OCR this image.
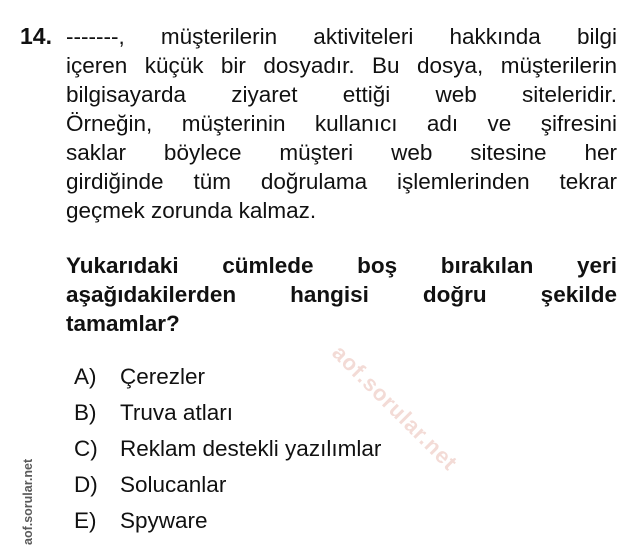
14. -------, müşterilerin aktiviteleri hakkında bilgi
içeren küçük bir dosyadır. Bu dosya, müşterilerin
bilgisayarda ziyaret ettiği web siteleridir.
Örneğin, müşterinin kullanıcı adı ve şifresini
saklar böylece müşteri web sitesine her
girdiğinde tüm doğrulama işlemlerinden tekrar
geçmek zorunda kalmaz.
Yukarıdaki cümlede boş bırakılan yeri
aşağıdakilerden hangisi doğru şekilde
tamamlar?
A) Çerezler
B) Truva atları
C) Reklam destekli yazılımlar
D) Solucanlar
E) Spyware
aof.sorular.net
aof.sorular.net
